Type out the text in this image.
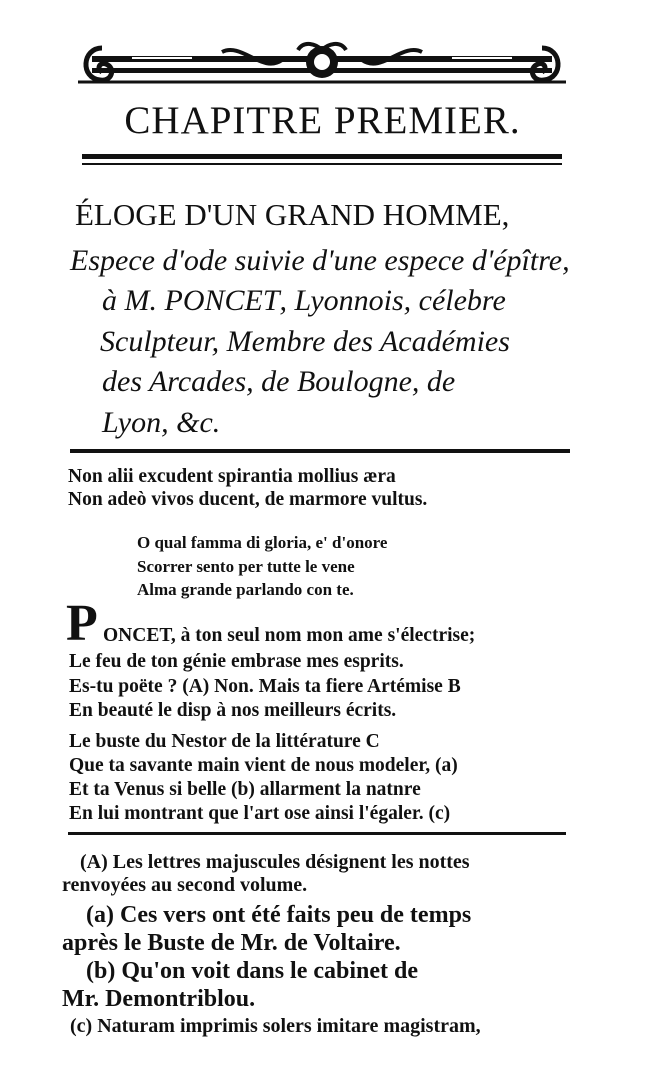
CHAPITRE PREMIER.
ÉLOGE D'UN GRAND HOMME,
Espece d'ode suivie d'une espece d'épître,
à M. PONCET, Lyonnois, célebre
Sculpteur, Membre des Académies
des Arcades, de Boulogne, de
Lyon, &c.
Non alii excudent spirantia mollius æra
Non adeò vivos ducent, de marmore vultus.
O qual famma di gloria, e' d'onore
Scorrer sento per tutte le vene
Alma grande parlando con te.
P ONCET, à ton seul nom mon ame s'électrise;
Le feu de ton génie embrase mes esprits.
Es-tu poëte ? (A) Non. Mais ta fiere Artémise B
En beauté le disp à nos meilleurs écrits.
Le buste du Nestor de la littérature C
Que ta savante main vient de nous modeler, (a)
Et ta Venus si belle (b) allarment la natnre
En lui montrant que l'art ose ainsi l'égaler. (c)
(A) Les lettres majuscules désignent les nottes
renvoyées au second volume.
(a) Ces vers ont été faits peu de temps
après le Buste de Mr. de Voltaire.
(b) Qu'on voit dans le cabinet de
Mr. Demontriblou.
(c) Naturam imprimis solers imitare magistram,
